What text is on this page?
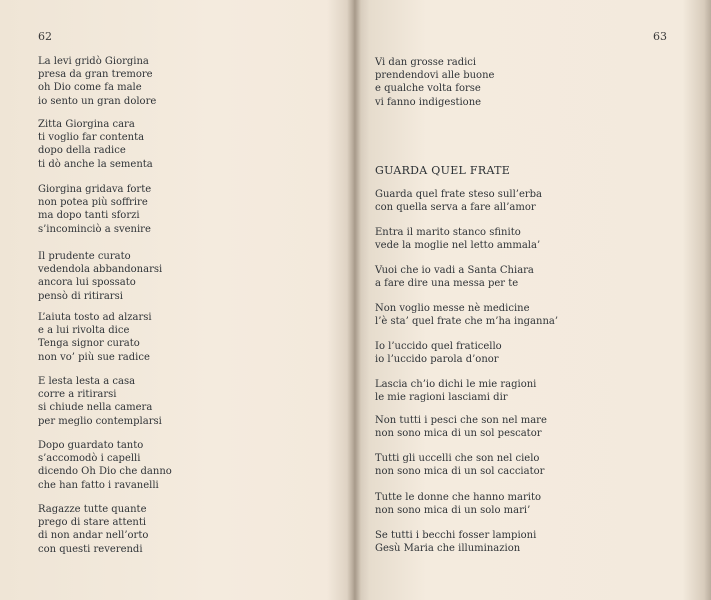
62
La levi gridò Giorgina
presa da gran tremore
oh Dio come fa male
io sento un gran dolore
Zitta Giorgina cara
ti voglio far contenta
dopo della radice
ti dò anche la sementa
Giorgina gridava forte
non potea più soffrire
ma dopo tanti sforzi
s’incominciò a svenire
Il prudente curato
vedendola abbandonarsi
ancora lui spossato
pensò di ritirarsi
L’aiuta tosto ad alzarsi
e a lui rivolta dice
Tenga signor curato
non vo’ più sue radice
E lesta lesta a casa
corre a ritirarsi
si chiude nella camera
per meglio contemplarsi
Dopo guardato tanto
s’accomodò i capelli
dicendo Oh Dio che danno
che han fatto i ravanelli
Ragazze tutte quante
prego di stare attenti
di non andar nell’orto
con questi reverendi
63
Vi dan grosse radici
prendendovi alle buone
e qualche volta forse
vi fanno indigestione
GUARDA QUEL FRATE
Guarda quel frate steso sull’erba
con quella serva a fare all’amor
Entra il marito stanco sfinito
vede la moglie nel letto ammala’
Vuoi che io vadi a Santa Chiara
a fare dire una messa per te
Non voglio messe nè medicine
l’è sta’ quel frate che m’ha inganna’
Io l’uccido quel fraticello
io l’uccido parola d’onor
Lascia ch’io dichi le mie ragioni
le mie ragioni lasciami dir
Non tutti i pesci che son nel mare
non sono mica di un sol pescator
Tutti gli uccelli che son nel cielo
non sono mica di un sol cacciator
Tutte le donne che hanno marito
non sono mica di un solo mari’
Se tutti i becchi fosser lampioni
Gesù Maria che illuminazion
